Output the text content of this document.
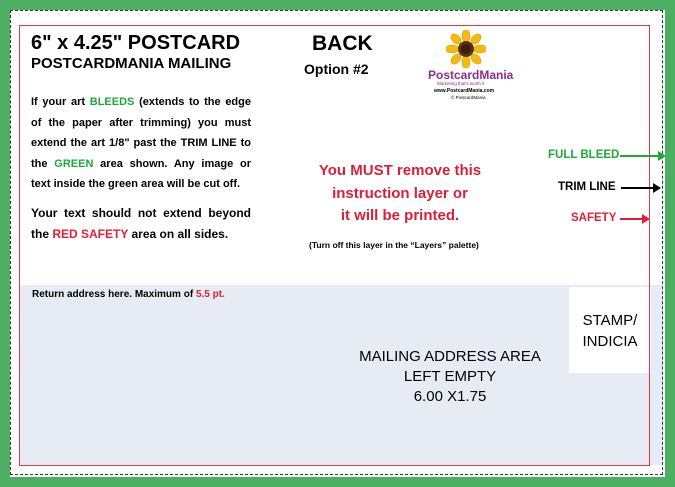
6" x 4.25" POSTCARD
POSTCARDMANIA MAILING
BACK
Option #2	PostcardMania
Marketing that's worth it
www.PostcardMania.com
© PostcardMania
If your art BLEEDS (extends to the edge of the paper after trimming) you must extend the art 1/8" past the TRIM LINE to the GREEN area shown. Any image or text inside the green area will be cut off.
Your text should not extend beyond the RED SAFETY area on all sides.
You MUST remove this
instruction layer or
it will be printed.
(Turn off this layer in the “Layers” palette)
FULL BLEED
TRIM LINE
SAFETY
Return address here. Maximum of 5.5 pt.
STAMP/
INDICIA
MAILING ADDRESS AREA
LEFT EMPTY
6.00 X1.75
